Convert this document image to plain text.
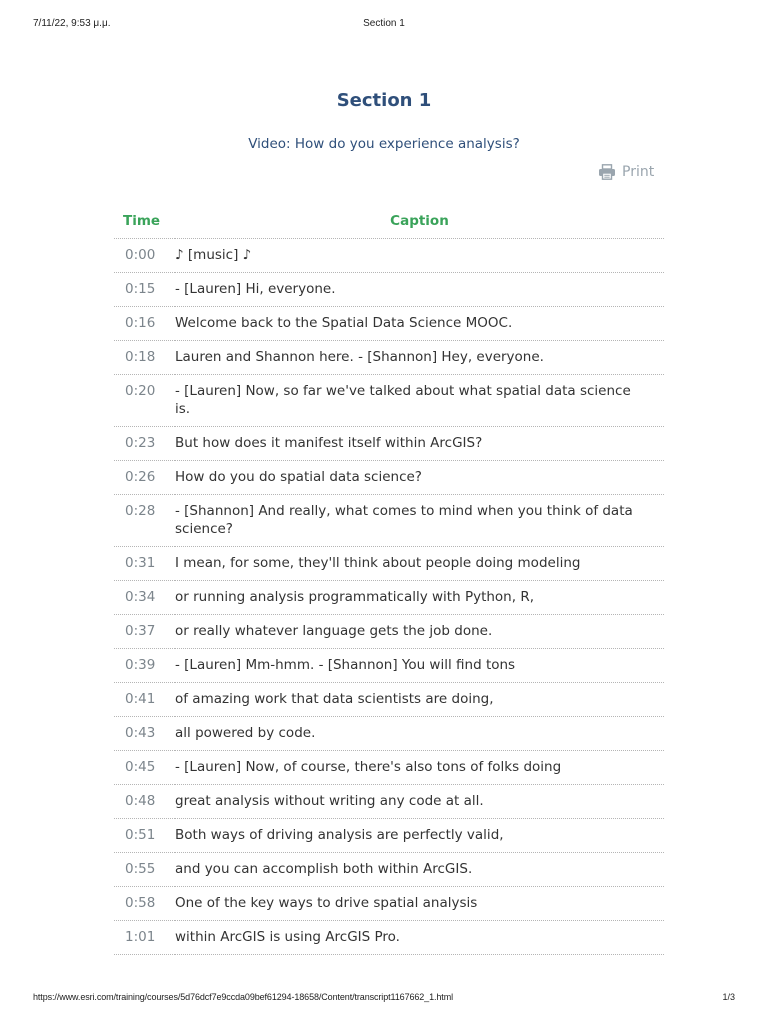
7/11/22, 9:53 μ.μ.	Section 1
Section 1
Video: How do you experience analysis?
Print
Time	Caption
0:00	♪ [music] ♪
0:15	- [Lauren] Hi, everyone.
0:16	Welcome back to the Spatial Data Science MOOC.
0:18	Lauren and Shannon here. - [Shannon] Hey, everyone.
0:20	- [Lauren] Now, so far we've talked about what spatial data science is.
0:23	But how does it manifest itself within ArcGIS?
0:26	How do you do spatial data science?
0:28	- [Shannon] And really, what comes to mind when you think of data science?
0:31	I mean, for some, they'll think about people doing modeling
0:34	or running analysis programmatically with Python, R,
0:37	or really whatever language gets the job done.
0:39	- [Lauren] Mm-hmm. - [Shannon] You will find tons
0:41	of amazing work that data scientists are doing,
0:43	all powered by code.
0:45	- [Lauren] Now, of course, there's also tons of folks doing
0:48	great analysis without writing any code at all.
0:51	Both ways of driving analysis are perfectly valid,
0:55	and you can accomplish both within ArcGIS.
0:58	One of the key ways to drive spatial analysis
1:01	within ArcGIS is using ArcGIS Pro.
https://www.esri.com/training/courses/5d76dcf7e9ccda09bef61294-18658/Content/transcript1167662_1.html	1/3
